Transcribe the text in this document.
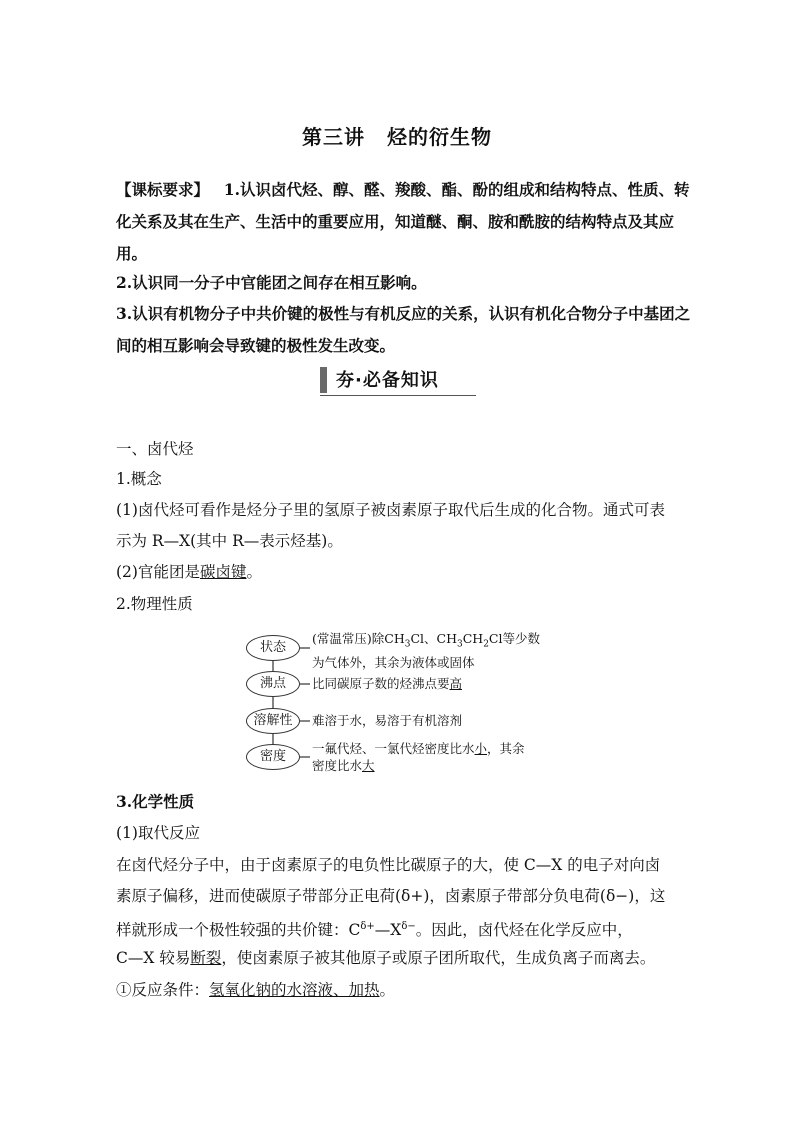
第三讲 烃的衍生物
【课标要求】 1.认识卤代烃、醇、醛、羧酸、酯、酚的组成和结构特点、性质、转化关系及其在生产、生活中的重要应用，知道醚、酮、胺和酰胺的结构特点及其应用。
2.认识同一分子中官能团之间存在相互影响。
3.认识有机物分子中共价键的极性与有机反应的关系，认识有机化合物分子中基团之间的相互影响会导致键的极性发生改变。
夯·必备知识
一、卤代烃
1.概念
(1)卤代烃可看作是烃分子里的氢原子被卤素原子取代后生成的化合物。通式可表
示为 R—X(其中 R—表示烃基)。
(2)官能团是碳卤键。
2.物理性质
状态
(常温常压)除$CH_3Cl$、$CH_3CH_2Cl$等少数
为气体外，其余为液体或固体
沸点	比同碳原子数的烃沸点要高
溶解性	难溶于水，易溶于有机溶剂
密度
一氟代烃、一氯代烃密度比水小，其余
密度比水大
3.化学性质
(1)取代反应
在卤代烃分子中，由于卤素原子的电负性比碳原子的大，使 C—X 的电子对向卤
素原子偏移，进而使碳原子带部分正电荷(δ+)，卤素原子带部分负电荷(δ−)，这
样就形成一个极性较强的共价键：$C^{\delta+}—X^{\delta-}$。因此，卤代烃在化学反应中，
C—X 较易断裂，使卤素原子被其他原子或原子团所取代，生成负离子而离去。
①反应条件：氢氧化钠的水溶液、加热。
